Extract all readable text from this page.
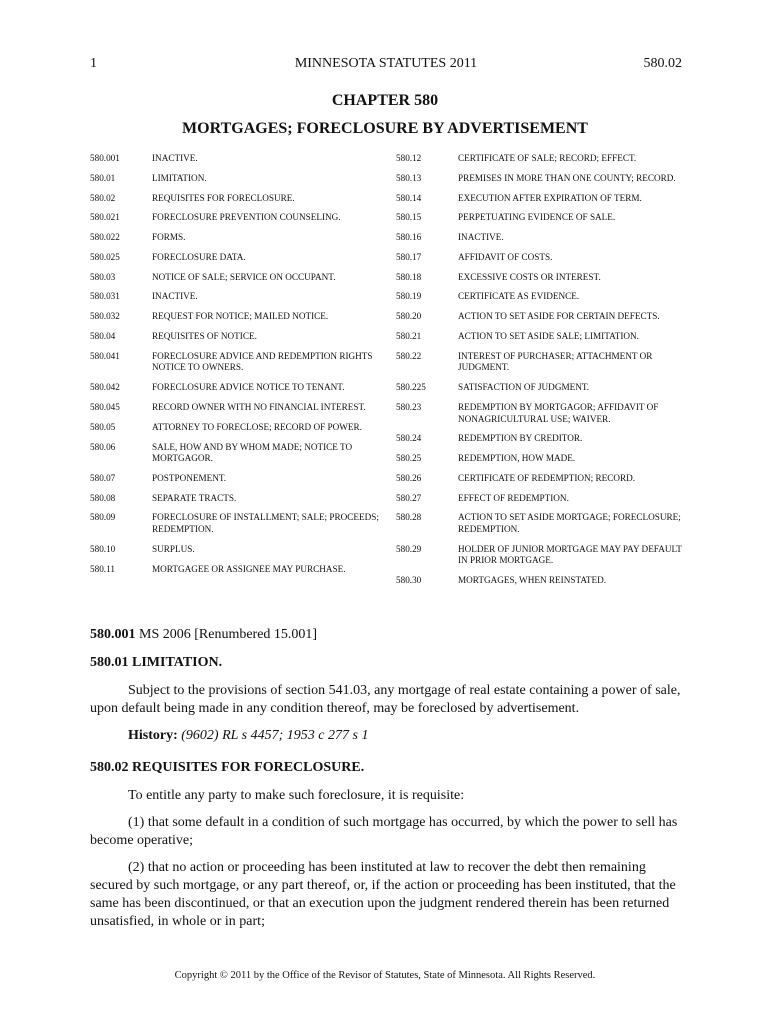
1	MINNESOTA STATUTES 2011	580.02
CHAPTER 580
MORTGAGES; FORECLOSURE BY ADVERTISEMENT
580.001	INACTIVE.
580.01	LIMITATION.
580.02	REQUISITES FOR FORECLOSURE.
580.021	FORECLOSURE PREVENTION COUNSELING.
580.022	FORMS.
580.025	FORECLOSURE DATA.
580.03	NOTICE OF SALE; SERVICE ON OCCUPANT.
580.031	INACTIVE.
580.032	REQUEST FOR NOTICE; MAILED NOTICE.
580.04	REQUISITES OF NOTICE.
580.041	FORECLOSURE ADVICE AND REDEMPTION RIGHTS NOTICE TO OWNERS.
580.042	FORECLOSURE ADVICE NOTICE TO TENANT.
580.045	RECORD OWNER WITH NO FINANCIAL INTEREST.
580.05	ATTORNEY TO FORECLOSE; RECORD OF POWER.
580.06	SALE, HOW AND BY WHOM MADE; NOTICE TO MORTGAGOR.
580.07	POSTPONEMENT.
580.08	SEPARATE TRACTS.
580.09	FORECLOSURE OF INSTALLMENT; SALE; PROCEEDS; REDEMPTION.
580.10	SURPLUS.
580.11	MORTGAGEE OR ASSIGNEE MAY PURCHASE.
580.12	CERTIFICATE OF SALE; RECORD; EFFECT.
580.13	PREMISES IN MORE THAN ONE COUNTY; RECORD.
580.14	EXECUTION AFTER EXPIRATION OF TERM.
580.15	PERPETUATING EVIDENCE OF SALE.
580.16	INACTIVE.
580.17	AFFIDAVIT OF COSTS.
580.18	EXCESSIVE COSTS OR INTEREST.
580.19	CERTIFICATE AS EVIDENCE.
580.20	ACTION TO SET ASIDE FOR CERTAIN DEFECTS.
580.21	ACTION TO SET ASIDE SALE; LIMITATION.
580.22	INTEREST OF PURCHASER; ATTACHMENT OR JUDGMENT.
580.225	SATISFACTION OF JUDGMENT.
580.23	REDEMPTION BY MORTGAGOR; AFFIDAVIT OF NONAGRICULTURAL USE; WAIVER.
580.24	REDEMPTION BY CREDITOR.
580.25	REDEMPTION, HOW MADE.
580.26	CERTIFICATE OF REDEMPTION; RECORD.
580.27	EFFECT OF REDEMPTION.
580.28	ACTION TO SET ASIDE MORTGAGE; FORECLOSURE; REDEMPTION.
580.29	HOLDER OF JUNIOR MORTGAGE MAY PAY DEFAULT IN PRIOR MORTGAGE.
580.30	MORTGAGES, WHEN REINSTATED.
580.001 MS 2006 [Renumbered 15.001]
580.01 LIMITATION.

Subject to the provisions of section 541.03, any mortgage of real estate containing a power of sale, upon default being made in any condition thereof, may be foreclosed by advertisement.

History: (9602) RL s 4457; 1953 c 277 s 1

580.02 REQUISITES FOR FORECLOSURE.

To entitle any party to make such foreclosure, it is requisite:

(1) that some default in a condition of such mortgage has occurred, by which the power to sell has become operative;

(2) that no action or proceeding has been instituted at law to recover the debt then remaining secured by such mortgage, or any part thereof, or, if the action or proceeding has been instituted, that the same has been discontinued, or that an execution upon the judgment rendered therein has been returned unsatisfied, in whole or in part;

Copyright © 2011 by the Office of the Revisor of Statutes, State of Minnesota. All Rights Reserved.
